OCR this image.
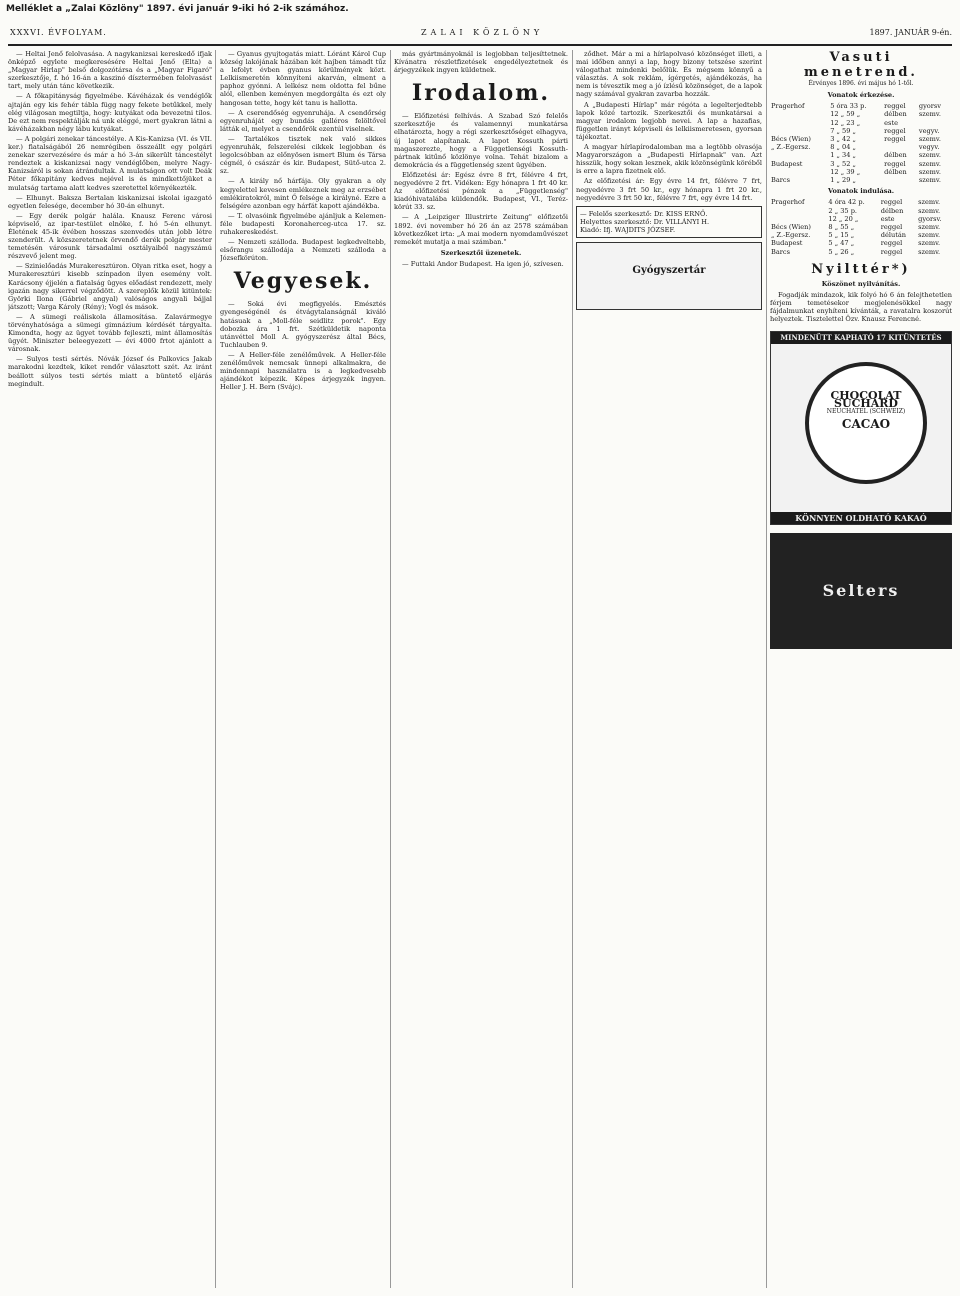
Melléklet a „Zalai Közlöny" 1897. évi január 9-iki hó 2-ik számához.
XXXVI. ÉVFOLYAM.	ZALAI KÖZLÖNY	1897. JANUÁR 9-én.

— Heltai Jenő felolvasása. A nagykanizsai kereskedő ifjak önképző egylete megkeresésére Heltai Jenő (Elta) a „Magyar Hirlap" belső dolgozótársa és a „Magyar Figaró" szerkesztője, f. hó 16-án a kaszinó dísztermében felolvasást tart, mely után tánc következik.

— A főkapitányság figyelmébe. Kávéházak és vendéglők ajtaján egy kis fehér tábla függ nagy fekete betűkkel, mely elég világosan megtiltja, hogy: kutyákat oda bevezetni tilos. De ezt nem respektálják ná unk eléggé, mert gyakran látni a kávéházakban négy lábu kutyákat.

— A polgári zenekar táncestélye. A Kis-Kanizsa (VI. és VII. ker.) fiatalságából 26 nemrégiben összeállt egy polgári zenekar szervezésére és már a hó 3-án sikerült táncestélyt rendeztek a kiskanizsai nagy vendéglőben, melyre Nagy-Kanizsáról is sokan átrándultak. A mulatságon ott volt Deák Péter főkapitány kedves nejével is és mindkettőjüket a mulatság tartama alatt kedves szeretettel környékezték.

— Elhunyt. Baksza Bertalan kiskanizsai iskolai igazgató egyetlen felesége, december hó 30-án elhunyt.

— Egy derék polgár halála. Knausz Ferenc városi képviselő, az ipar-testület elnöke, f. hó 5-én elhunyt. Életének 45-ik évében hosszas szenvedés után jobb létre szenderült. A közszeretetnek örvendő derék polgár mester temetésén városunk társadalmi osztályaiból nagyszámú részvevő jelent meg.

— Szinielőadás Murakeresztúron. Olyan ritka eset, hogy a Murakeresztúri kisebb színpadon ilyen esemény volt. Karácsony éjjelén a fiatalság ügyes előadást rendezett, mely igazán nagy sikerrel végződött. A szereplők közül kitüntek: Györki Ilona (Gábriel angyal) valóságos angyali bájjal játszott; Varga Károly (Rény); Vogl és mások.

— A sümegi reáliskola államosítása. Zalavármegye törvényhatósága a sümegi gimnázium kérdését tárgyalta. Kimondta, hogy az ügyet tovább fejleszti, mint államosítás ügyét. Miniszter beleegyezett — évi 4000 frtot ajánlott a városnak.

— Sulyos testi sértés. Nóvák József és Palkovics Jakab marakodni kezdtek, kiket rendőr választott szét. Az iránt beállott súlyos testi sértés miatt a büntető eljárás megindult.

— Gyanus gyujtogatás miatt. Lóránt Károl Cup község lakójának házában két hajben támadt tűz a lefolyt évben gyanus körülmények közt. Lelkiismeretén könnyíteni akarván, elment a paphoz gyónni. A lelkész nem oldotta fel bűne alól, ellenben keményen megdorgálta és ezt oly hangosan tette, hogy két tanu is hallotta.

— A cserendőség egyenruhája. A csendőrség egyenruháját egy bundás galléros felöltővel látták el, melyet a csendőrök ezentúl viselnek.

— Tartalékos tisztek nek való sikkes egyenruhák, felszerelési cikkek legjobban és legolcsóbban az előnyösen ismert Blum és Társa cégnél, ó császár és kir. Budapest, Sütő-utca 2. sz.

— A király nő hárfája. Oly gyakran a oly kegyelettel kevesen emlékeznek meg az erzsébet emlékiratokról, mint Ő felsége a királyné. Ezre a felségére azonban egy hárfát kapott ajándékba.

— T. olvasóink figyelmébe ajánljuk a Kelemen-féle budapesti Koronaherceg-utca 17. sz. ruhakereskedést.

— Nemzeti szálloda. Budapest legkedveltebb, elsőrangu szállodája a Nemzeti szálloda a Józsefkörúton.

Vegyesek.

— Soká évi megfigyelés. Emésztés gyengeségénél és étvágytalanságnál kiváló hatásuak a „Moll-féle seidlitz porok". Egy dobozka ára 1 frt. Szétküldetik naponta utánvéttel Moll A. gyógyszerész által Bécs, Tuchlauben 9.

— A Heller-féle zenélőművek. A Heller-féle zenélőművek nemcsak ünnepi alkalmakra, de mindennapi használatra is a legkedvesebb ajándékot képezik. Képes árjegyzék ingyen. Heller J. H. Bern (Svájc).

más gyártmányoknál is legjobban teljesíttetnek. Kívánatra részletfizetések engedélyeztetnek és árjegyzékek ingyen küldetnek.

Irodalom.

— Előfizetési felhívás. A Szabad Szó felelős szerkesztője és valamennyi munkatársa elhatározta, hogy a régi szerkesztőséget elhagyva, új lapot alapítanak. A lapot Kossuth párti magaszerezte, hogy a Függetlenségi Kossuth-pártnak kitűnő közlönye volna. Tehát bizalom a demokrácia és a függetlenség szent ügyében.

Előfizetési ár: Egész évre 8 frt, félévre 4 frt, negyedévre 2 frt. Vidéken: Egy hónapra 1 frt 40 kr. Az előfizetési pénzek a „Függetlenség" kiadóhivatalába küldendők. Budapest, VI., Teréz-körút 33. sz.

— A „Leipziger Illustrirte Zeitung" előfizetői 1892. évi november hó 26 án az 2578 számában következőket irta: „A mai modern nyomdaművészet remekét mutatja a mai számban."

Szerkesztői üzenetek.

— Futtaki Andor Budapest. Ha igen jó, szívesen.

ződhet. Már a mi a hírlapolvasó közönséget illeti, a mai időben annyi a lap, hogy bizony tetszése szerint válogathat mindenki belőlük. És mégsem könnyű a választás. A sok reklám, ígérgetés, ajándékozás, ha nem is tévesztik meg a jó ízlésű közönséget, de a lapok nagy számával gyakran zavarba hozzák.

A „Budapesti Hírlap" már régóta a legelterjedtebb lapok közé tartozik. Szerkesztői és munkatársai a magyar irodalom legjobb nevei. A lap a hazafias, független irányt képviseli és lelkiismeretesen, gyorsan tájékoztat.

A magyar hírlapírodalomban ma a legtöbb olvasója Magyarországon a „Budapesti Hírlapnak" van. Azt hisszük, hogy sokan lesznek, akik közönségünk köréből is erre a lapra fizetnek elő.

Az előfizetési ár: Egy évre 14 frt, félévre 7 frt, negyedévre 3 frt 50 kr., egy hónapra 1 frt 20 kr., negyedévre 3 frt 50 kr., félévre 7 frt, egy évre 14 frt.

— Felelős szerkesztő: Dr. KISS ERNŐ.
Helyettes szerkesztő: Dr. VILLÁNYI H.
Kiadó: Ifj. WAJDITS JÓZSEF.
Gyógyszertár
Vasuti menetrend.
Érvényes 1896. évi május hó 1-től.
Vonatok érkezése.
Pragerhof	5 óra 33 p.	reggel	gyorsv
	12 „ 59 „	délben	szemv.
	12 „ 23 „	este	
	7 „ 59 „	reggel	vegyv.
Bécs (Wien)	3 „ 42 „	reggel	szemv.
„ Z.-Egersz.	8 „ 04 „		vegyv.
	1 „ 34 „	délben	szemv.
Budapest	3 „ 52 „	reggel	szemv.
	12 „ 39 „	délben	szemv.
Barcs	1 „ 29 „		szemv.
Vonatok indulása.
Pragerhof	4 óra 42 p.	reggel	szemv.
	2 „ 35 p.	délben	szemv.
	12 „ 20 „	este	gyorsv.
Bécs (Wien)	8 „ 55 „	reggel	szemv.
„ Z.-Egersz.	5 „ 15 „	délután	szemv.
Budapest	5 „ 47 „	reggel	szemv.
Barcs	5 „ 26 „	reggel	szemv.
Nyilttér*)
Köszönet nyilvánítás.

Fogadják mindazok, kik folyó hó 6 án felejthetetlen férjem temetésekor megjelenésökkel nagy fájdalmunkat enyhíteni kívánták, a ravatalra koszorút helyeztek. Tisztelettel Özv. Knausz Ferencné.

MINDENÜTT KAPHATÓ 17 KITÜNTETÉS
CHOCOLAT SUCHARD
NEUCHATEL (SCHWEIZ)
CACAO
KÖNNYEN OLDHATÓ KAKAÓ
Selters
